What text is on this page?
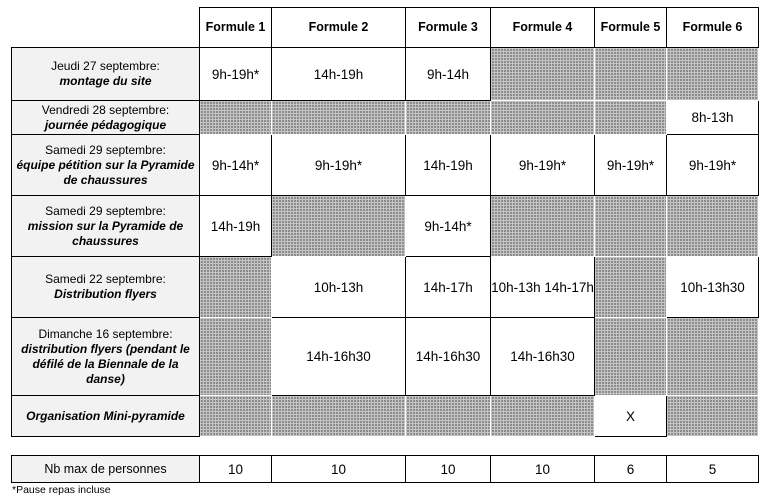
	Formule 1	Formule 2	Formule 3	Formule 4	Formule 5	Formule 6

Jeudi 27 septembre:
montage du site	9h-19h*	14h-19h	9h-14h			

Vendredi 28 septembre:
journée pédagogique						8h-13h

Samedi 29 septembre:
équipe pétition sur la Pyramide de chaussures	9h-14h*	9h-19h*	14h-19h	9h-19h*	9h-19h*	9h-19h*

Samedi 29 septembre:
mission sur la Pyramide de chaussures	14h-19h		9h-14h*			

Samedi 22 septembre:
Distribution flyers		10h-13h	14h-17h	10h-13h 14h-17h		10h-13h30

Dimanche 16 septembre:
distribution flyers (pendant le défilé de la Biennale de la danse)		14h-16h30	14h-16h30	14h-16h30		

Organisation Mini-pyramide					X	
Nb max de personnes	10	10	10	10	6	5
*Pause repas incluse
